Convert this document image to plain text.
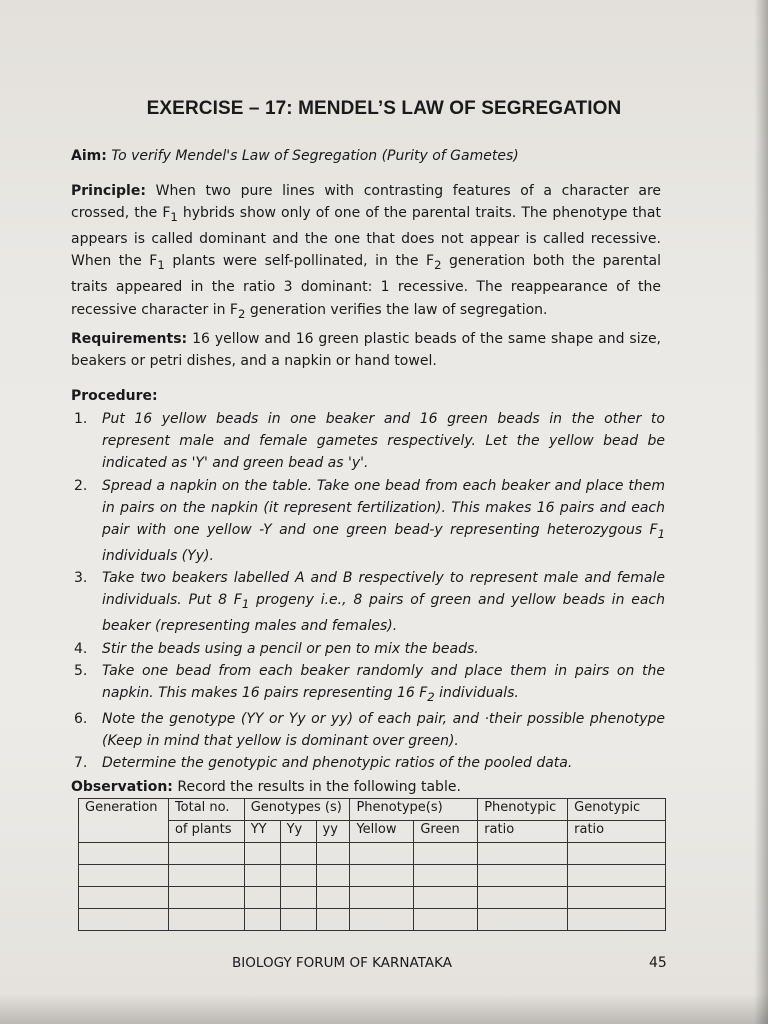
EXERCISE – 17: MENDEL’S LAW OF SEGREGATION
Aim: To verify Mendel's Law of Segregation (Purity of Gametes)
Principle: When two pure lines with contrasting features of a character are crossed, the $F_1$ hybrids show only of one of the parental traits. The phenotype that appears is called dominant and the one that does not appear is called recessive. When the $F_1$ plants were self-pollinated, in the $F_2$ generation both the parental traits appeared in the ratio 3 dominant: 1 recessive. The reappearance of the recessive character in $F_2$ generation verifies the law of segregation.
Requirements: 16 yellow and 16 green plastic beads of the same shape and size, beakers or petri dishes, and a napkin or hand towel.
Procedure:
1. Put 16 yellow beads in one beaker and 16 green beads in the other to represent male and female gametes respectively. Let the yellow bead be indicated as 'Y' and green bead as 'y'.
2. Spread a napkin on the table. Take one bead from each beaker and place them in pairs on the napkin (it represent fertilization). This makes 16 pairs and each pair with one yellow -Y and one green bead-y representing heterozygous $F_1$ individuals (Yy).
3. Take two beakers labelled A and B respectively to represent male and female individuals. Put 8 $F_1$ progeny i.e., 8 pairs of green and yellow beads in each beaker (representing males and females).
4. Stir the beads using a pencil or pen to mix the beads.
5. Take one bead from each beaker randomly and place them in pairs on the napkin. This makes 16 pairs representing 16 $F_2$ individuals.
6. Note the genotype (YY or Yy or yy) of each pair, and ·their possible phenotype (Keep in mind that yellow is dominant over green).
7. Determine the genotypic and phenotypic ratios of the pooled data.
Observation: Record the results in the following table.
Generation	Total no.	Genotypes (s)			Phenotype(s)		Phenotypic	Genotypic
	of plants	YY	Yy	yy	Yellow	Green	ratio	ratio

BIOLOGY FORUM OF KARNATAKA	45
